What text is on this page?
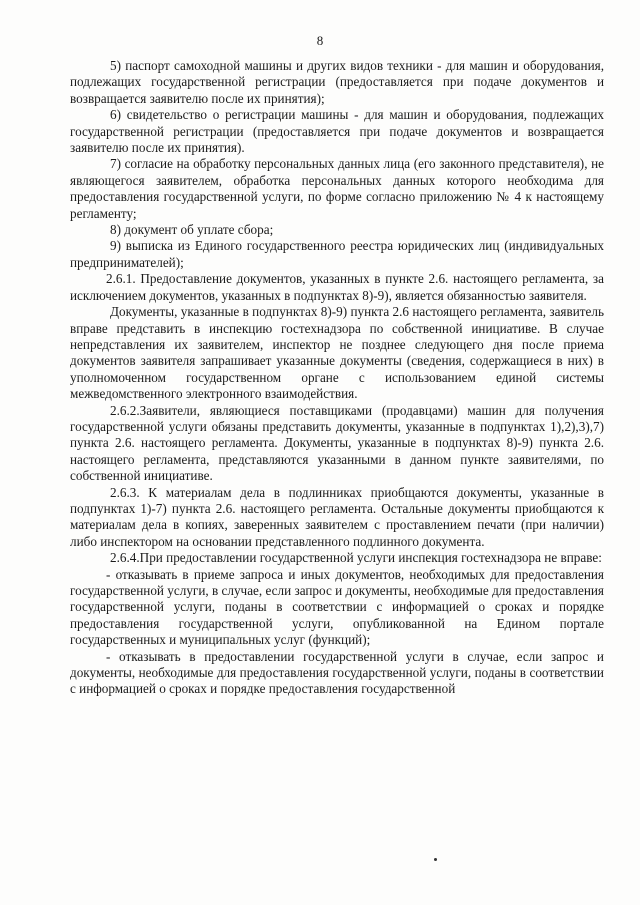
8

5) паспорт самоходной машины и других видов техники - для машин и оборудования, подлежащих государственной регистрации (предоставляется при подаче документов и возвращается заявителю после их принятия);

6) свидетельство о регистрации машины - для машин и оборудования, подлежащих государственной регистрации (предоставляется при подаче документов и возвращается заявителю после их принятия).

7) согласие на обработку персональных данных лица (его законного представителя), не являющегося заявителем, обработка персональных данных которого необходима для предоставления государственной услуги, по форме согласно приложению № 4 к настоящему регламенту;

8) документ об уплате сбора;

9) выписка из Единого государственного реестра юридических лиц (индивидуальных предпринимателей);

2.6.1. Предоставление документов, указанных в пункте 2.6. настоящего регламента, за исключением документов, указанных в подпунктах 8)-9), является обязанностью заявителя.

Документы, указанные в подпунктах 8)-9) пункта 2.6 настоящего регламента, заявитель вправе представить в инспекцию гостехнадзора по собственной инициативе. В случае непредставления их заявителем, инспектор не позднее следующего дня после приема документов заявителя запрашивает указанные документы (сведения, содержащиеся в них) в уполномоченном государственном органе с использованием единой системы межведомственного электронного взаимодействия.

2.6.2.Заявители, являющиеся поставщиками (продавцами) машин для получения государственной услуги обязаны представить документы, указанные в подпунктах 1),2),3),7) пункта 2.6. настоящего регламента. Документы, указанные в подпунктах 8)-9) пункта 2.6. настоящего регламента, представляются указанными в данном пункте заявителями, по собственной инициативе.

2.6.3. К материалам дела в подлинниках приобщаются документы, указанные в подпунктах 1)-7) пункта 2.6. настоящего регламента. Остальные документы приобщаются к материалам дела в копиях, заверенных заявителем с проставлением печати (при наличии) либо инспектором на основании представленного подлинного документа.

2.6.4.При предоставлении государственной услуги инспекция гостехнадзора не вправе:

- отказывать в приеме запроса и иных документов, необходимых для предоставления государственной услуги, в случае, если запрос и документы, необходимые для предоставления государственной услуги, поданы в соответствии с информацией о сроках и порядке предоставления государственной услуги, опубликованной на Едином портале государственных и муниципальных услуг (функций);

- отказывать в предоставлении государственной услуги в случае, если запрос и документы, необходимые для предоставления государственной услуги, поданы в соответствии с информацией о сроках и порядке предоставления государственной
